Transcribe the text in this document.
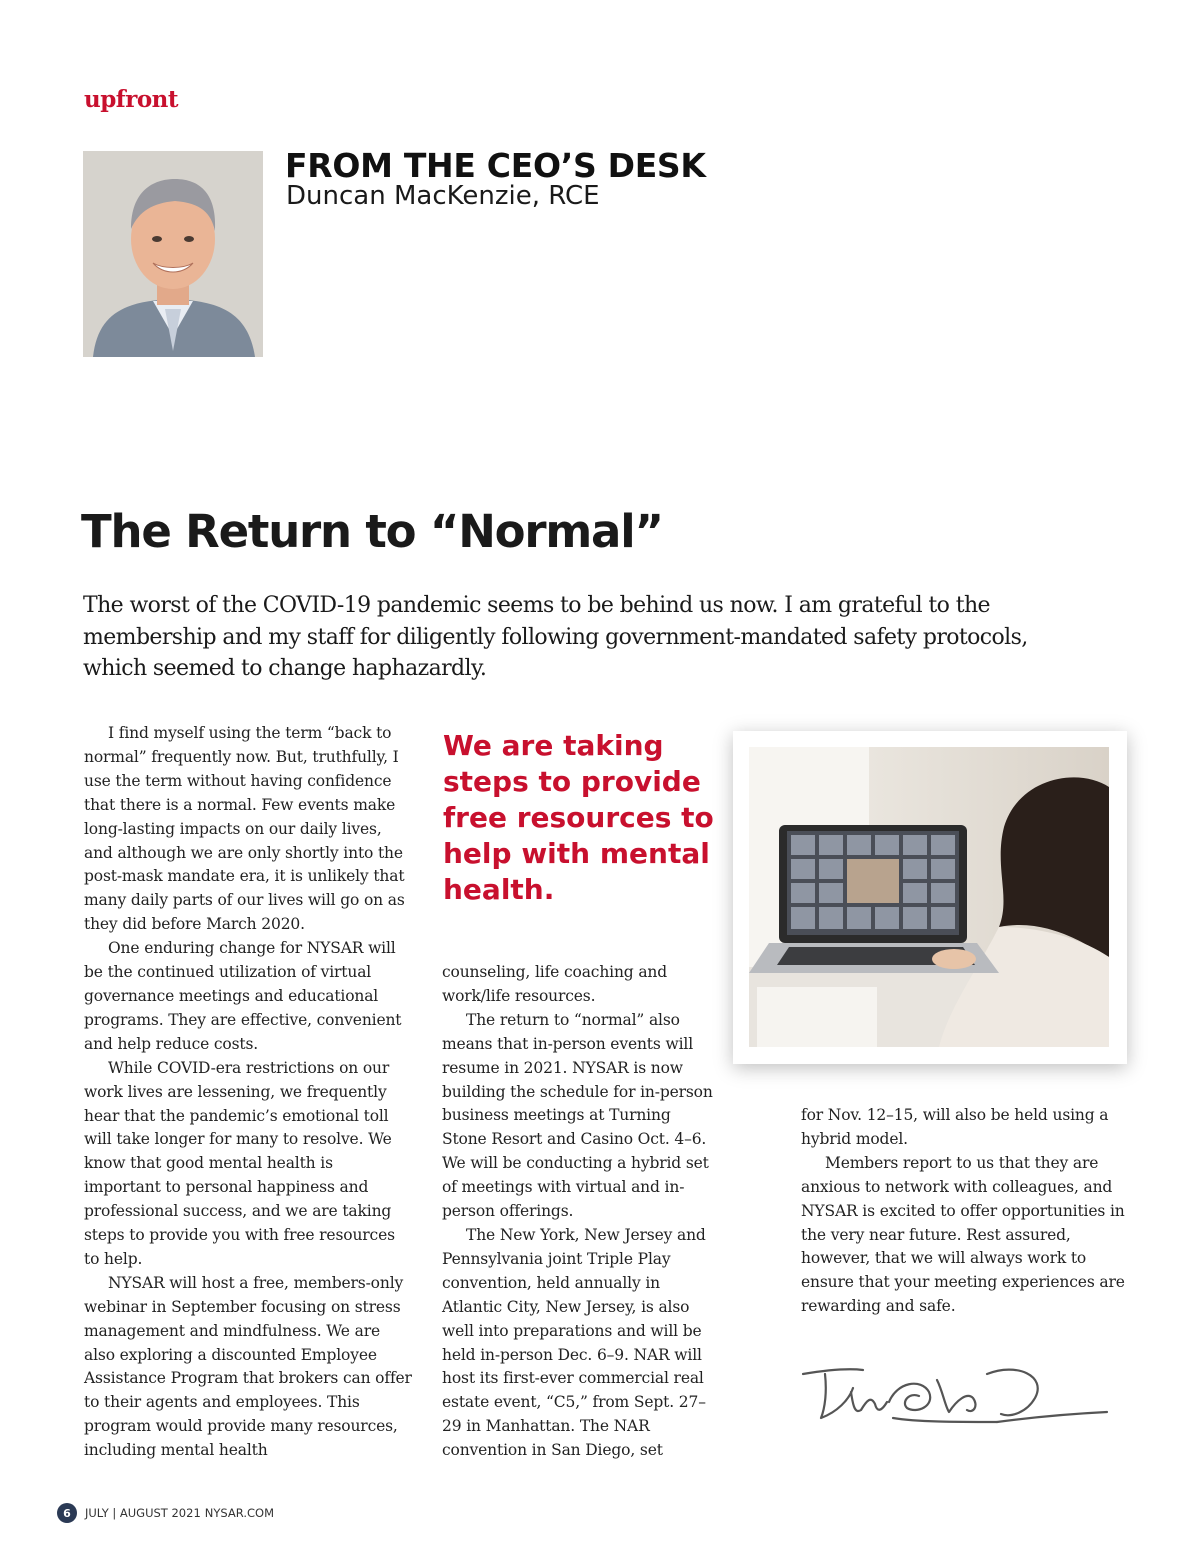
upfront
FROM THE CEO’S DESK
Duncan MacKenzie, RCE
The Return to “Normal”

The worst of the COVID-19 pandemic seems to be behind us now. I am grateful to the membership and my staff for diligently following government-mandated safety protocols, which seemed to change haphazardly.

I find myself using the term “back to normal” frequently now. But, truthfully, I use the term without having confidence that there is a normal. Few events make long-lasting impacts on our daily lives, and although we are only shortly into the post-mask mandate era, it is unlikely that many daily parts of our lives will go on as they did before March 2020.

One enduring change for NYSAR will be the continued utilization of virtual governance meetings and educational programs. They are effective, convenient and help reduce costs.

While COVID-era restrictions on our work lives are lessening, we frequently hear that the pandemic’s emotional toll will take longer for many to resolve. We know that good mental health is important to personal happiness and professional success, and we are taking steps to provide you with free resources to help.

NYSAR will host a free, members-only webinar in September focusing on stress management and mindfulness. We are also exploring a discounted Employee Assistance Program that brokers can offer to their agents and employees. This program would provide many resources, including mental health

We are taking steps to provide free resources to help with mental health.

counseling, life coaching and work/life resources.

The return to “normal” also means that in-person events will resume in 2021. NYSAR is now building the schedule for in-person business meetings at Turning Stone Resort and Casino Oct. 4–6. We will be conducting a hybrid set of meetings with virtual and in-person offerings.

The New York, New Jersey and Pennsylvania joint Triple Play convention, held annually in Atlantic City, New Jersey, is also well into preparations and will be held in-person Dec. 6–9. NAR will host its first-ever commercial real estate event, “C5,” from Sept. 27–29 in Manhattan. The NAR convention in San Diego, set

for Nov. 12–15, will also be held using a hybrid model.

Members report to us that they are anxious to network with colleagues, and NYSAR is excited to offer opportunities in the very near future. Rest assured, however, that we will always work to ensure that your meeting experiences are rewarding and safe.

6	JULY | AUGUST 2021 NYSAR.COM
